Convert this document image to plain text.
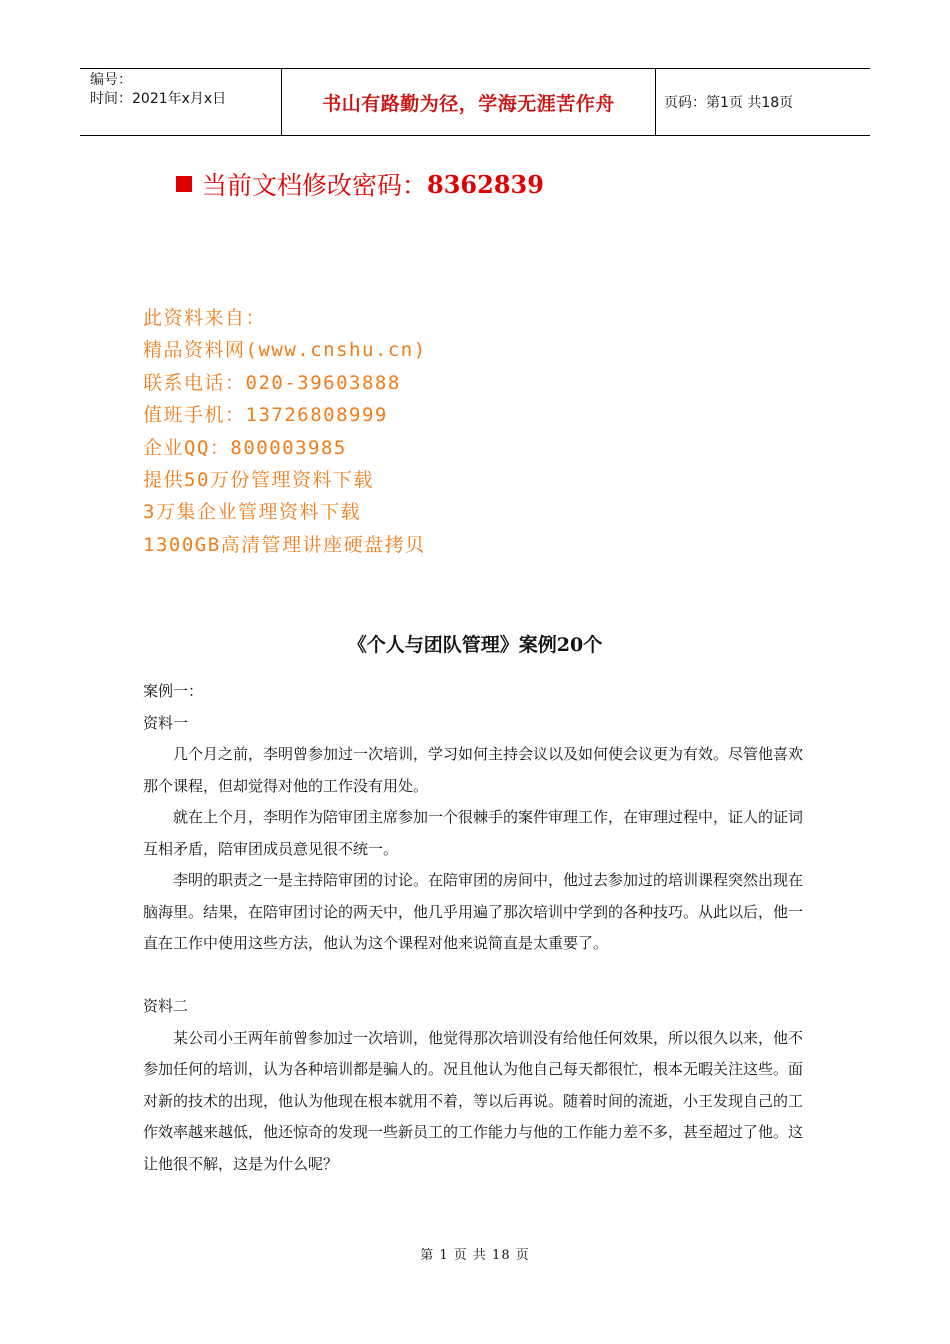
编号：
时间：2021年x月x日	书山有路勤为径，学海无涯苦作舟	页码：第1页 共18页
当前文档修改密码： 8362839
此资料来自：
精品资料网(www.cnshu.cn)
联系电话：020-39603888
值班手机：13726808999
企业QQ：800003985
提供50万份管理资料下载
3万集企业管理资料下载
1300GB高清管理讲座硬盘拷贝
《个人与团队管理》案例20个

案例一：

资料一

几个月之前，李明曾参加过一次培训，学习如何主持会议以及如何使会议更为有效。尽管他喜欢那个课程，但却觉得对他的工作没有用处。

就在上个月，李明作为陪审团主席参加一个很棘手的案件审理工作，在审理过程中，证人的证词互相矛盾，陪审团成员意见很不统一。

李明的职责之一是主持陪审团的讨论。在陪审团的房间中，他过去参加过的培训课程突然出现在脑海里。结果，在陪审团讨论的两天中，他几乎用遍了那次培训中学到的各种技巧。从此以后，他一直在工作中使用这些方法，他认为这个课程对他来说简直是太重要了。

资料二

某公司小王两年前曾参加过一次培训，他觉得那次培训没有给他任何效果，所以很久以来，他不参加任何的培训，认为各种培训都是骗人的。况且他认为他自己每天都很忙，根本无暇关注这些。面对新的技术的出现，他认为他现在根本就用不着，等以后再说。随着时间的流逝，小王发现自己的工作效率越来越低，他还惊奇的发现一些新员工的工作能力与他的工作能力差不多，甚至超过了他。这让他很不解，这是为什么呢？

第 1 页 共 18 页
